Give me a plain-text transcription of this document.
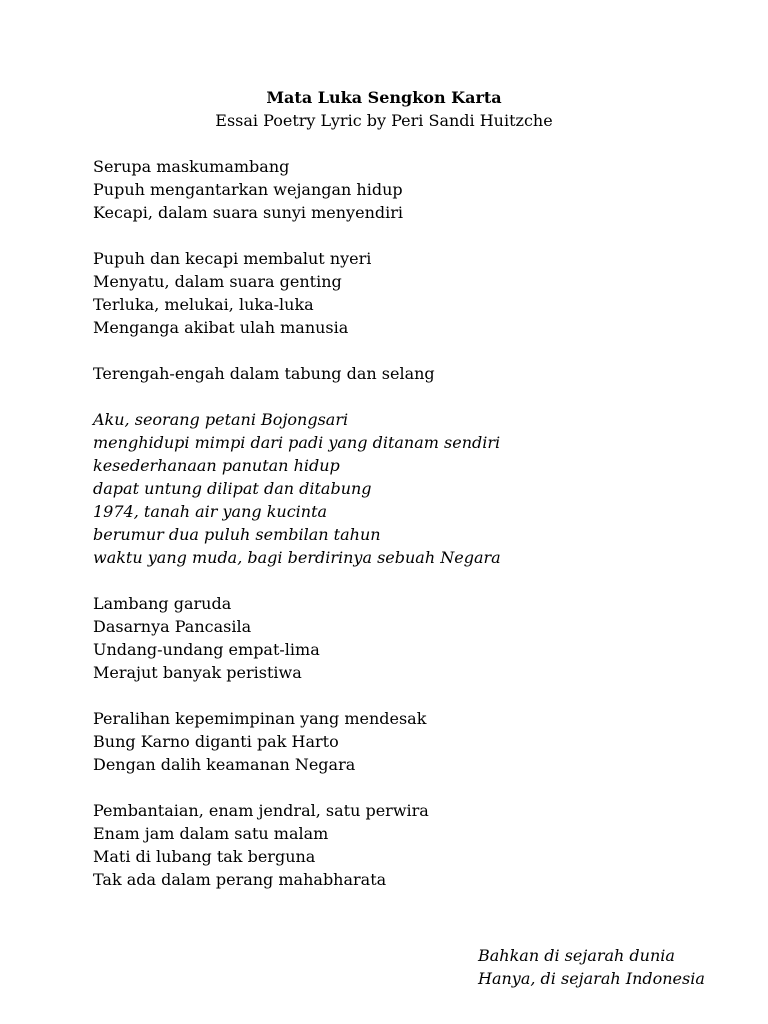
Mata Luka Sengkon Karta
Essai Poetry Lyric by Peri Sandi Huitzche
Serupa maskumambang
Pupuh mengantarkan wejangan hidup
Kecapi, dalam suara sunyi menyendiri
Pupuh dan kecapi membalut nyeri
Menyatu, dalam suara genting
Terluka, melukai, luka-luka
Menganga akibat ulah manusia
Terengah-engah dalam tabung dan selang
Aku, seorang petani Bojongsari
menghidupi mimpi dari padi yang ditanam sendiri
kesederhanaan panutan hidup
dapat untung dilipat dan ditabung
1974, tanah air yang kucinta
berumur dua puluh sembilan tahun
waktu yang muda, bagi berdirinya sebuah Negara
Lambang garuda
Dasarnya Pancasila
Undang-undang empat-lima
Merajut banyak peristiwa
Peralihan kepemimpinan yang mendesak
Bung Karno diganti pak Harto
Dengan dalih keamanan Negara
Pembantaian, enam jendral, satu perwira
Enam jam dalam satu malam
Mati di lubang tak berguna
Tak ada dalam perang mahabharata
Bahkan di sejarah dunia
Hanya, di sejarah Indonesia
